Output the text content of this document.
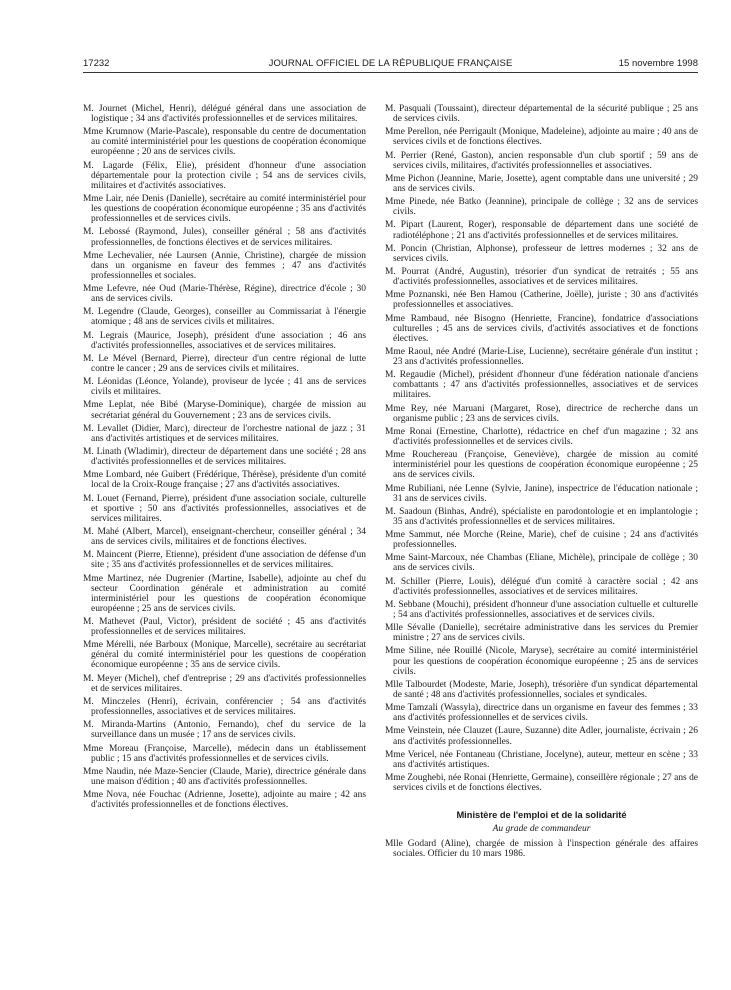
17232	JOURNAL OFFICIEL DE LA RÉPUBLIQUE FRANÇAISE	15 novembre 1998

M. Journet (Michel, Henri), délégué général dans une association de logistique ; 34 ans d'activités professionnelles et de services militaires.

Mme Krumnow (Marie-Pascale), responsable du centre de documentation au comité interministériel pour les questions de coopération économique européenne ; 20 ans de services civils.

M. Lagarde (Félix, Elie), président d'honneur d'une association départementale pour la protection civile ; 54 ans de services civils, militaires et d'activités associatives.

Mme Lair, née Denis (Danielle), secrétaire au comité interministériel pour les questions de coopération économique européenne ; 35 ans d'activités professionnelles et de services civils.

M. Lebossé (Raymond, Jules), conseiller général ; 58 ans d'activités professionnelles, de fonctions électives et de services militaires.

Mme Lechevalier, née Laursen (Annie, Christine), chargée de mission dans un organisme en faveur des femmes ; 47 ans d'activités professionnelles et sociales.

Mme Lefevre, née Oud (Marie-Thérèse, Régine), directrice d'école ; 30 ans de services civils.

M. Legendre (Claude, Georges), conseiller au Commissariat à l'énergie atomique ; 48 ans de services civils et militaires.

M. Legrais (Maurice, Joseph), président d'une association ; 46 ans d'activités professionnelles, associatives et de services militaires.

M. Le Mével (Bernard, Pierre), directeur d'un centre régional de lutte contre le cancer ; 29 ans de services civils et militaires.

M. Léonidas (Léonce, Yolande), proviseur de lycée ; 41 ans de services civils et militaires.

Mme Leplat, née Bibé (Maryse-Dominique), chargée de mission au secrétariat général du Gouvernement ; 23 ans de services civils.

M. Levallet (Didier, Marc), directeur de l'orchestre national de jazz ; 31 ans d'activités artistiques et de services militaires.

M. Linath (Wladimir), directeur de département dans une société ; 28 ans d'activités professionnelles et de services militaires.

Mme Lombard, née Guibert (Frédérique, Thérèse), présidente d'un comité local de la Croix-Rouge française ; 27 ans d'activités associatives.

M. Louet (Fernand, Pierre), président d'une association sociale, culturelle et sportive ; 50 ans d'activités professionnelles, associatives et de services militaires.

M. Mahé (Albert, Marcel), enseignant-chercheur, conseiller général ; 34 ans de services civils, militaires et de fonctions électives.

M. Maincent (Pierre, Etienne), président d'une association de défense d'un site ; 35 ans d'activités professionnelles et de services militaires.

Mme Martinez, née Dugrenier (Martine, Isabelle), adjointe au chef du secteur Coordination générale et administration au comité interministériel pour les questions de coopération économique européenne ; 25 ans de services civils.

M. Mathevet (Paul, Victor), président de société ; 45 ans d'activités professionnelles et de services militaires.

Mme Mérelli, née Barboux (Monique, Marcelle), secrétaire au secrétariat général du comité interministériel pour les questions de coopération économique européenne ; 35 ans de service civils.

M. Meyer (Michel), chef d'entreprise ; 29 ans d'activités professionnelles et de services militaires.

M. Minczeles (Henri), écrivain, conférencier ; 54 ans d'activités professionnelles, associatives et de services militaires.

M. Miranda-Martins (Antonio, Fernando), chef du service de la surveillance dans un musée ; 17 ans de services civils.

Mme Moreau (Françoise, Marcelle), médecin dans un établissement public ; 15 ans d'activités professionnelles et de services civils.

Mme Naudin, née Maze-Sencier (Claude, Marie), directrice générale dans une maison d'édition ; 40 ans d'activités professionnelles.

Mme Nova, née Fouchac (Adrienne, Josette), adjointe au maire ; 42 ans d'activités professionnelles et de fonctions électives.

M. Pasquali (Toussaint), directeur départemental de la sécurité publique ; 25 ans de services civils.

Mme Perellon, née Perrigault (Monique, Madeleine), adjointe au maire ; 40 ans de services civils et de fonctions électives.

M. Perrier (René, Gaston), ancien responsable d'un club sportif ; 59 ans de services civils, militaires, d'activités professionnelles et associatives.

Mme Pichon (Jeannine, Marie, Josette), agent comptable dans une université ; 29 ans de services civils.

Mme Pinede, née Batko (Jeannine), principale de collège ; 32 ans de services civils.

M. Pipart (Laurent, Roger), responsable de département dans une société de radiotéléphone ; 21 ans d'activités professionnelles et de services militaires.

M. Poncin (Christian, Alphonse), professeur de lettres modernes ; 32 ans de services civils.

M. Pourrat (André, Augustin), trésorier d'un syndicat de retraités ; 55 ans d'activités professionnelles, associatives et de services militaires.

Mme Poznanski, née Ben Hamou (Catherine, Joëlle), juriste ; 30 ans d'activités professionnelles et associatives.

Mme Rambaud, née Bisogno (Henriette, Francine), fondatrice d'associations culturelles ; 45 ans de services civils, d'activités associatives et de fonctions électives.

Mme Raoul, née André (Marie-Lise, Lucienne), secrétaire générale d'un institut ; 23 ans d'activités professionnelles.

M. Regaudie (Michel), président d'honneur d'une fédération nationale d'anciens combattants ; 47 ans d'activités professionnelles, associatives et de services militaires.

Mme Rey, née Maruani (Margaret, Rose), directrice de recherche dans un organisme public ; 23 ans de services civils.

Mme Ronai (Ernestine, Charlotte), rédactrice en chef d'un magazine ; 32 ans d'activités professionnelles et de services civils.

Mme Rouchereau (Françoise, Geneviève), chargée de mission au comité interministériel pour les questions de coopération économique européenne ; 25 ans de services civils.

Mme Rubiliani, née Lenne (Sylvie, Janine), inspectrice de l'éducation nationale ; 31 ans de services civils.

M. Saadoun (Binhas, André), spécialiste en parodontologie et en implantologie ; 35 ans d'activités professionnelles et de services militaires.

Mme Sammut, née Morche (Reine, Marie), chef de cuisine ; 24 ans d'activités professionnelles.

Mme Saint-Marcoux, née Chambas (Eliane, Michèle), principale de collège ; 30 ans de services civils.

M. Schiller (Pierre, Louis), délégué d'un comité à caractère social ; 42 ans d'activités professionnelles, associatives et de services militaires.

M. Sebbane (Mouchi), président d'honneur d'une association cultuelle et culturelle ; 54 ans d'activités professionnelles, associatives et de services civils.

Mlle Sévalle (Danielle), secrétaire administrative dans les services du Premier ministre ; 27 ans de services civils.

Mme Siline, née Rouillé (Nicole, Maryse), secrétaire au comité interministériel pour les questions de coopération économique européenne ; 25 ans de services civils.

Mlle Talbourdet (Modeste, Marie, Joseph), trésorière d'un syndicat départemental de santé ; 48 ans d'activités professionnelles, sociales et syndicales.

Mme Tamzali (Wassyla), directrice dans un organisme en faveur des femmes ; 33 ans d'activités professionnelles et de services civils.

Mme Veinstein, née Clauzet (Laure, Suzanne) dite Adler, journaliste, écrivain ; 26 ans d'activités professionnelles.

Mme Vericel, née Fontaneau (Christiane, Jocelyne), auteur, metteur en scène ; 33 ans d'activités artistiques.

Mme Zoughebi, née Ronai (Henriette, Germaine), conseillère régionale ; 27 ans de services civils et de fonctions électives.

Ministère de l'emploi et de la solidarité
Au grade de commandeur

Mlle Godard (Aline), chargée de mission à l'inspection générale des affaires sociales. Officier du 10 mars 1986.
